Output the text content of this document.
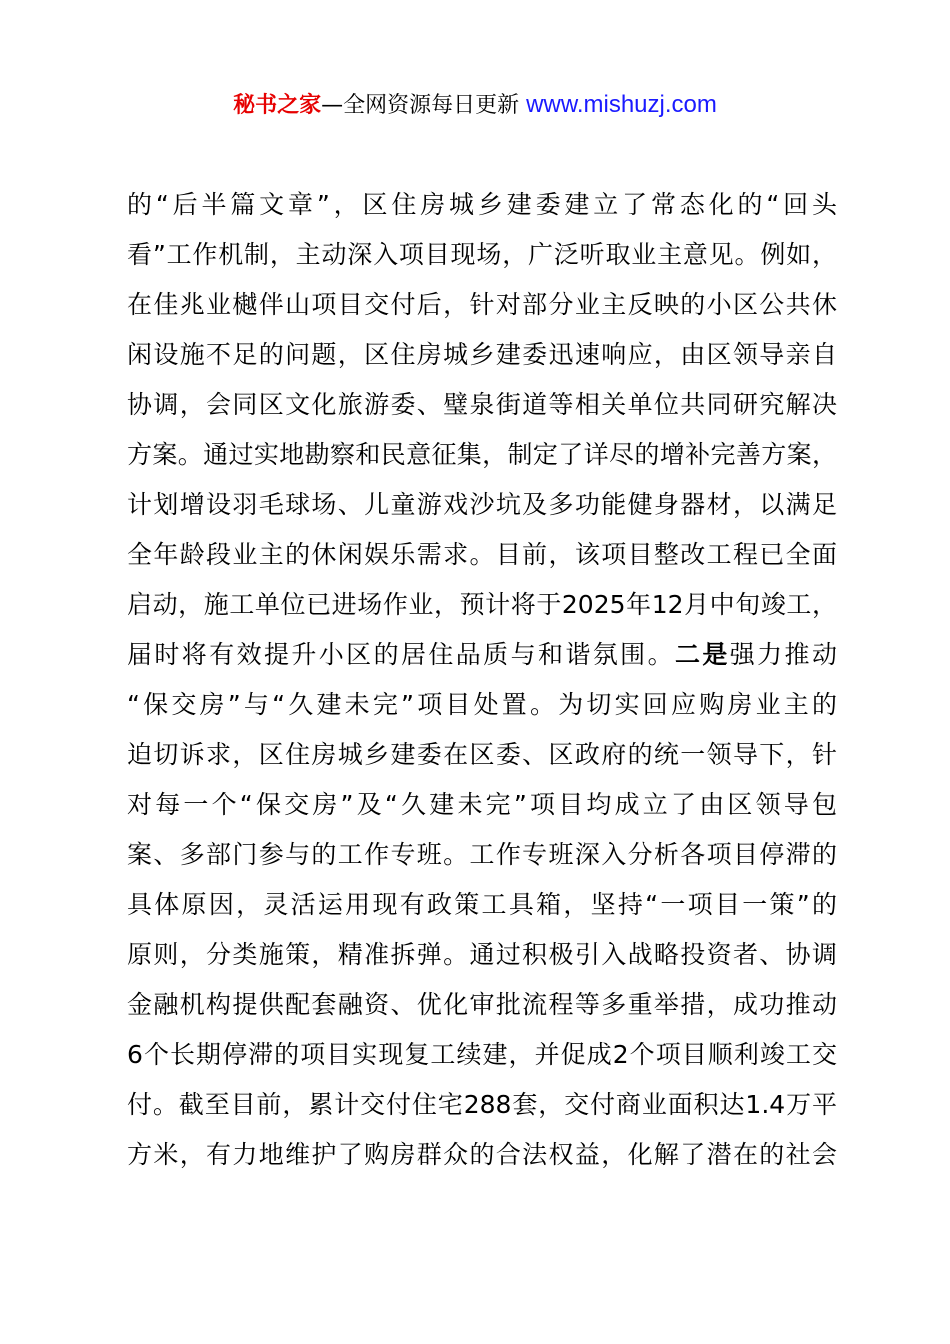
秘书之家—全网资源每日更新 www.mishuzj.com
的“后半篇文章”，区住房城乡建委建立了常态化的“回头
看”工作机制，主动深入项目现场，广泛听取业主意见。例如，
在佳兆业樾伴山项目交付后，针对部分业主反映的小区公共休
闲设施不足的问题，区住房城乡建委迅速响应，由区领导亲自
协调，会同区文化旅游委、璧泉街道等相关单位共同研究解决
方案。通过实地勘察和民意征集，制定了详尽的增补完善方案，
计划增设羽毛球场、儿童游戏沙坑及多功能健身器材，以满足
全年龄段业主的休闲娱乐需求。目前，该项目整改工程已全面
启动，施工单位已进场作业，预计将于2025年12月中旬竣工，
届时将有效提升小区的居住品质与和谐氛围。二是强力推动
“保交房”与“久建未完”项目处置。为切实回应购房业主的
迫切诉求，区住房城乡建委在区委、区政府的统一领导下，针
对每一个“保交房”及“久建未完”项目均成立了由区领导包
案、多部门参与的工作专班。工作专班深入分析各项目停滞的
具体原因，灵活运用现有政策工具箱，坚持“一项目一策”的
原则，分类施策，精准拆弹。通过积极引入战略投资者、协调
金融机构提供配套融资、优化审批流程等多重举措，成功推动
6个长期停滞的项目实现复工续建，并促成2个项目顺利竣工交
付。截至目前，累计交付住宅288套，交付商业面积达1.4万平
方米，有力地维护了购房群众的合法权益，化解了潜在的社会
